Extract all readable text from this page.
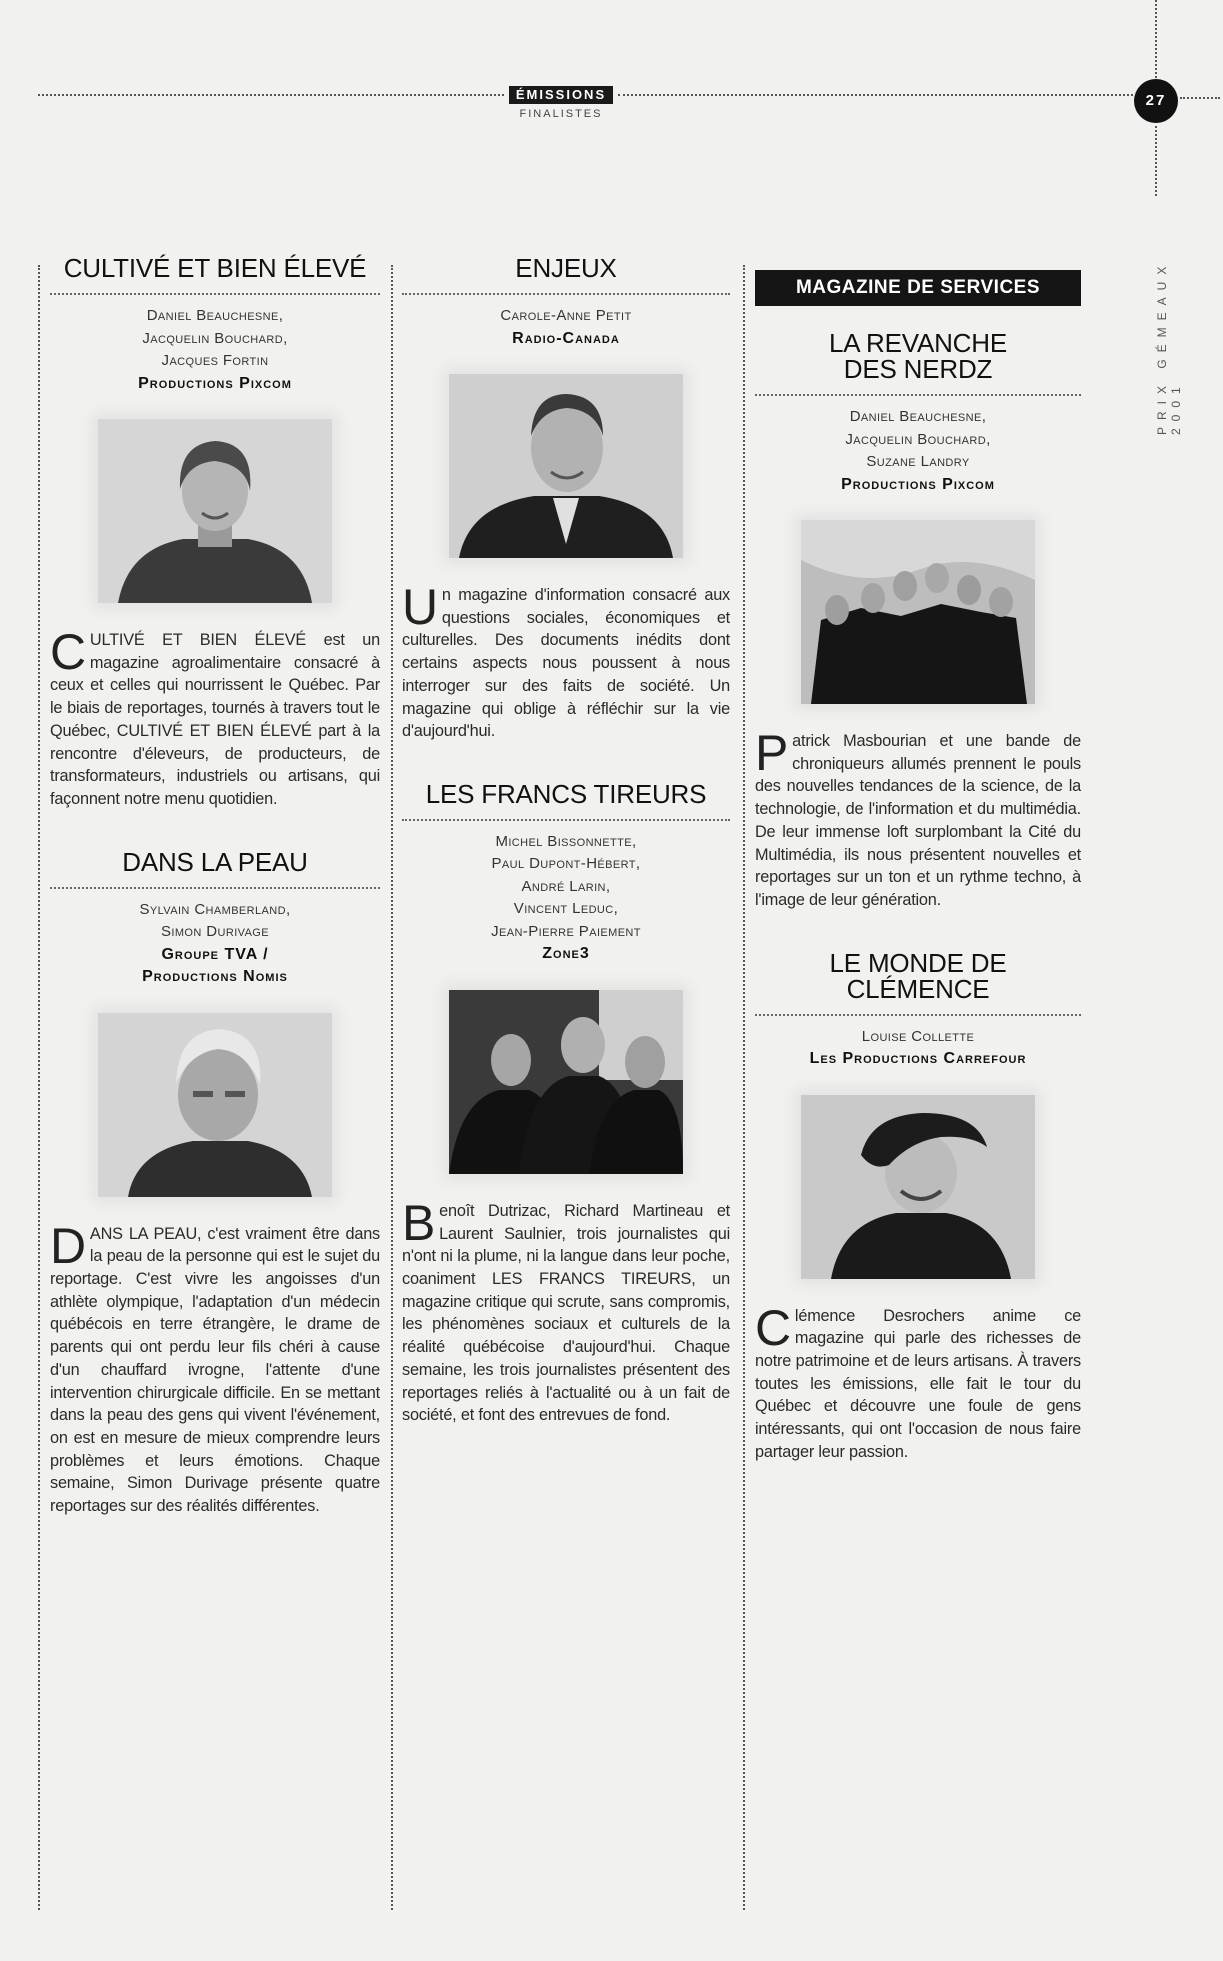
ÉMISSIONS
FINALISTES
27
PRIX GÉMEAUX 2001
CULTIVÉ ET BIEN ÉLEVÉ
Daniel Beauchesne,
Jacquelin Bouchard,
Jacques Fortin
Productions Pixcom
CULTIVÉ ET BIEN ÉLEVÉ est un magazine agroalimentaire consacré à ceux et celles qui nourrissent le Québec. Par le biais de reportages, tournés à travers tout le Québec, CULTIVÉ ET BIEN ÉLEVÉ part à la rencontre d'éleveurs, de producteurs, de transformateurs, industriels ou artisans, qui façonnent notre menu quotidien.
DANS LA PEAU
Sylvain Chamberland,
Simon Durivage
Groupe TVA /
Productions Nomis
DANS LA PEAU, c'est vraiment être dans la peau de la personne qui est le sujet du reportage. C'est vivre les angoisses d'un athlète olympique, l'adaptation d'un médecin québécois en terre étrangère, le drame de parents qui ont perdu leur fils chéri à cause d'un chauffard ivrogne, l'attente d'une intervention chirurgicale difficile. En se mettant dans la peau des gens qui vivent l'événement, on est en mesure de mieux comprendre leurs problèmes et leurs émotions. Chaque semaine, Simon Durivage présente quatre reportages sur des réalités différentes.
ENJEUX
Carole-Anne Petit
Radio-Canada
Un magazine d'information consacré aux questions sociales, économiques et culturelles. Des documents inédits dont certains aspects nous poussent à nous interroger sur des faits de société. Un magazine qui oblige à réfléchir sur la vie d'aujourd'hui.
LES FRANCS TIREURS
Michel Bissonnette,
Paul Dupont-Hébert,
André Larin,
Vincent Leduc,
Jean-Pierre Paiement
Zone3
Benoît Dutrizac, Richard Martineau et Laurent Saulnier, trois journalistes qui n'ont ni la plume, ni la langue dans leur poche, coaniment LES FRANCS TIREURS, un magazine critique qui scrute, sans compromis, les phénomènes sociaux et culturels de la réalité québécoise d'aujourd'hui. Chaque semaine, les trois journalistes présentent des reportages reliés à l'actualité ou à un fait de société, et font des entrevues de fond.
MAGAZINE DE SERVICES
LA REVANCHE
DES NERDZ
Daniel Beauchesne,
Jacquelin Bouchard,
Suzane Landry
Productions Pixcom
Patrick Masbourian et une bande de chroniqueurs allumés prennent le pouls des nouvelles tendances de la science, de la technologie, de l'information et du multimédia. De leur immense loft surplombant la Cité du Multimédia, ils nous présentent nouvelles et reportages sur un ton et un rythme techno, à l'image de leur génération.
LE MONDE DE CLÉMENCE
Louise Collette
Les Productions Carrefour
Clémence Desrochers anime ce magazine qui parle des richesses de notre patrimoine et de leurs artisans. À travers toutes les émissions, elle fait le tour du Québec et découvre une foule de gens intéressants, qui ont l'occasion de nous faire partager leur passion.
